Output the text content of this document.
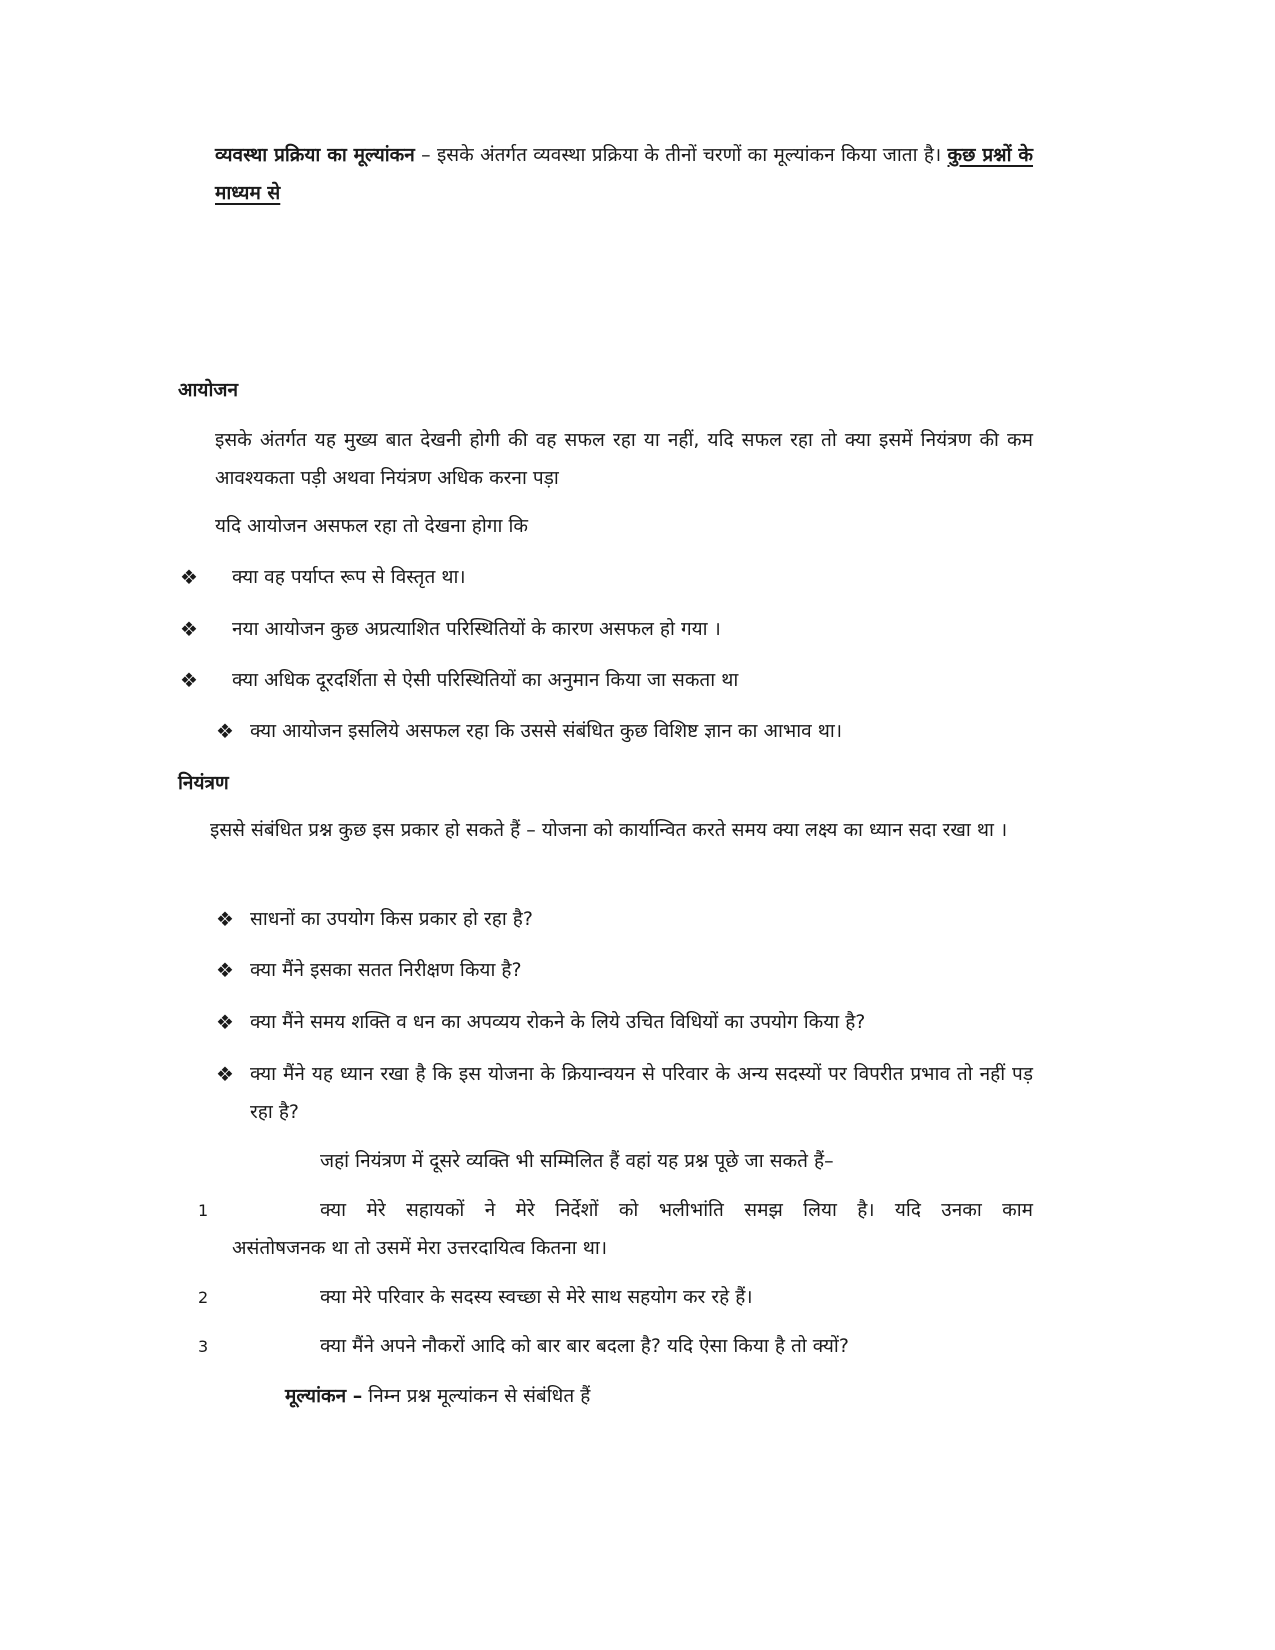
व्यवस्था प्रक्रिया का मूल्यांकन – इसके अंतर्गत व्यवस्था प्रक्रिया के तीनों चरणों का मूल्यांकन किया जाता है। कुछ प्रश्नों के माध्यम से
आयोजन
इसके अंतर्गत यह मुख्य बात देखनी होगी की वह सफल रहा या नहीं, यदि सफल रहा तो क्या इसमें नियंत्रण की कम आवश्यकता पड़ी अथवा नियंत्रण अधिक करना पड़ा
यदि आयोजन असफल रहा तो देखना होगा कि
❖ क्या वह पर्याप्त रूप से विस्तृत था।
❖ नया आयोजन कुछ अप्रत्याशित परिस्थितियों के कारण असफल हो गया ।
❖ क्या अधिक दूरदर्शिता से ऐसी परिस्थितियों का अनुमान किया जा सकता था
❖ क्या आयोजन इसलिये असफल रहा कि उससे संबंधित कुछ विशिष्ट ज्ञान का आभाव था।
नियंत्रण
इससे संबंधित प्रश्न कुछ इस प्रकार हो सकते हैं – योजना को कार्यान्वित करते समय क्या लक्ष्य का ध्यान सदा रखा था ।
❖ साधनों का उपयोग किस प्रकार हो रहा है?
❖ क्या मैंने इसका सतत निरीक्षण किया है?
❖ क्या मैंने समय शक्ति व धन का अपव्यय रोकने के लिये उचित विधियों का उपयोग किया है?
❖ क्या मैंने यह ध्यान रखा है कि इस योजना के क्रियान्वयन से परिवार के अन्य सदस्यों पर विपरीत प्रभाव तो नहीं पड़ रहा है?
जहां नियंत्रण में दूसरे व्यक्ति भी सम्मिलित हैं वहां यह प्रश्न पूछे जा सकते हैं–
1	क्या मेरे सहायकों ने मेरे निर्देशों को भलीभांति समझ लिया है। यदि उनका काम
असंतोषजनक था तो उसमें मेरा उत्तरदायित्व कितना था।
2	क्या मेरे परिवार के सदस्य स्वच्छा से मेरे साथ सहयोग कर रहे हैं।
3	क्या मैंने अपने नौकरों आदि को बार बार बदला है? यदि ऐसा किया है तो क्यों?
मूल्यांकन – निम्न प्रश्न मूल्यांकन से संबंधित हैं
